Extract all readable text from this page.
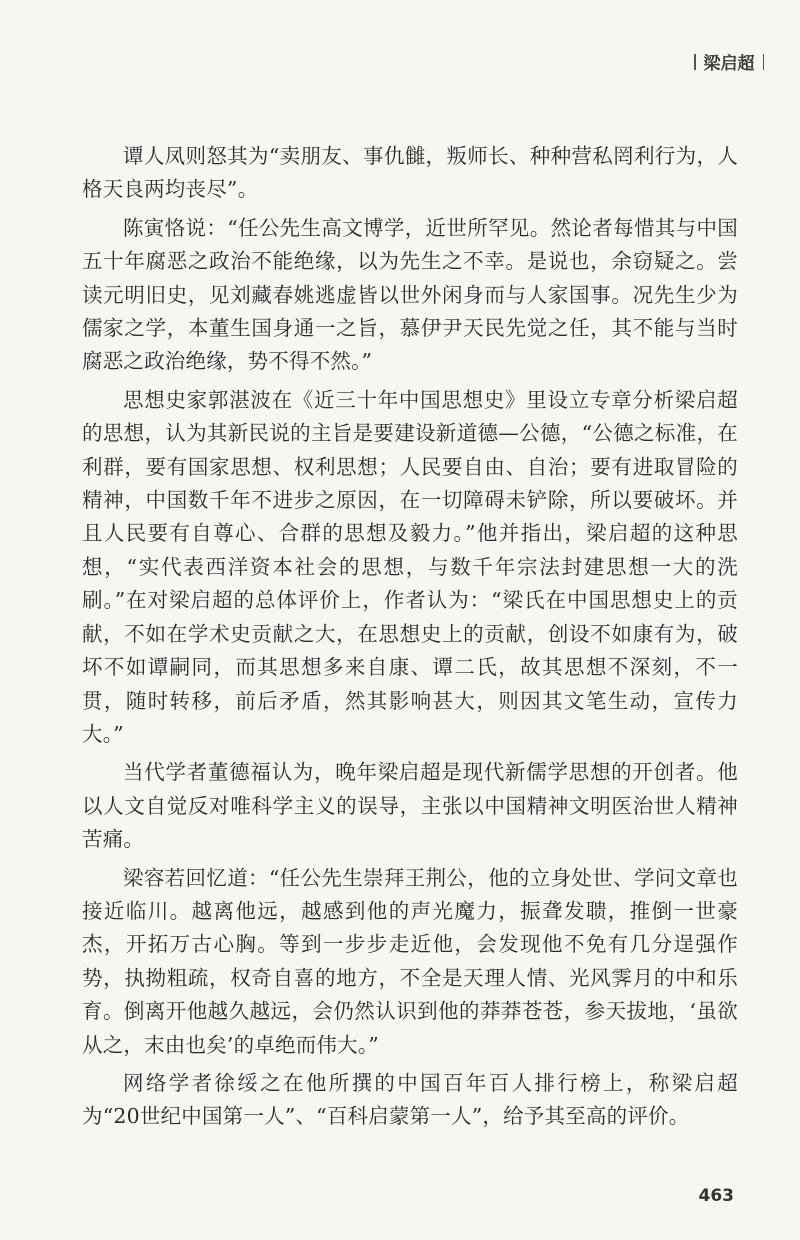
梁启超

谭人凤则怒其为“卖朋友、事仇雠，叛师长、种种营私罔利行为，人格天良两均丧尽”。

陈寅恪说：“任公先生高文博学，近世所罕见。然论者每惜其与中国五十年腐恶之政治不能绝缘，以为先生之不幸。是说也，余窃疑之。尝读元明旧史，见刘藏春姚逃虚皆以世外闲身而与人家国事。况先生少为儒家之学，本董生国身通一之旨，慕伊尹天民先觉之任，其不能与当时腐恶之政治绝缘，势不得不然。”

思想史家郭湛波在《近三十年中国思想史》里设立专章分析梁启超的思想，认为其新民说的主旨是要建设新道德—公德，“公德之标准，在利群，要有国家思想、权利思想；人民要自由、自治；要有进取冒险的精神，中国数千年不进步之原因，在一切障碍未铲除，所以要破坏。并且人民要有自尊心、合群的思想及毅力。”他并指出，梁启超的这种思想，“实代表西洋资本社会的思想，与数千年宗法封建思想一大的洗刷。”在对梁启超的总体评价上，作者认为：“梁氏在中国思想史上的贡献，不如在学术史贡献之大，在思想史上的贡献，创设不如康有为，破坏不如谭嗣同，而其思想多来自康、谭二氏，故其思想不深刻，不一贯，随时转移，前后矛盾，然其影响甚大，则因其文笔生动，宣传力大。”

当代学者董德福认为，晚年梁启超是现代新儒学思想的开创者。他以人文自觉反对唯科学主义的误导，主张以中国精神文明医治世人精神苦痛。

梁容若回忆道：“任公先生崇拜王荆公，他的立身处世、学问文章也接近临川。越离他远，越感到他的声光魔力，振聋发聩，推倒一世豪杰，开拓万古心胸。等到一步步走近他，会发现他不免有几分逞强作势，执拗粗疏，权奇自喜的地方，不全是天理人情、光风霁月的中和乐育。倒离开他越久越远，会仍然认识到他的莽莽苍苍，参天拔地，‘虽欲从之，末由也矣’的卓绝而伟大。”

网络学者徐绥之在他所撰的中国百年百人排行榜上，称梁启超为“20世纪中国第一人”、“百科启蒙第一人”，给予其至高的评价。

463
